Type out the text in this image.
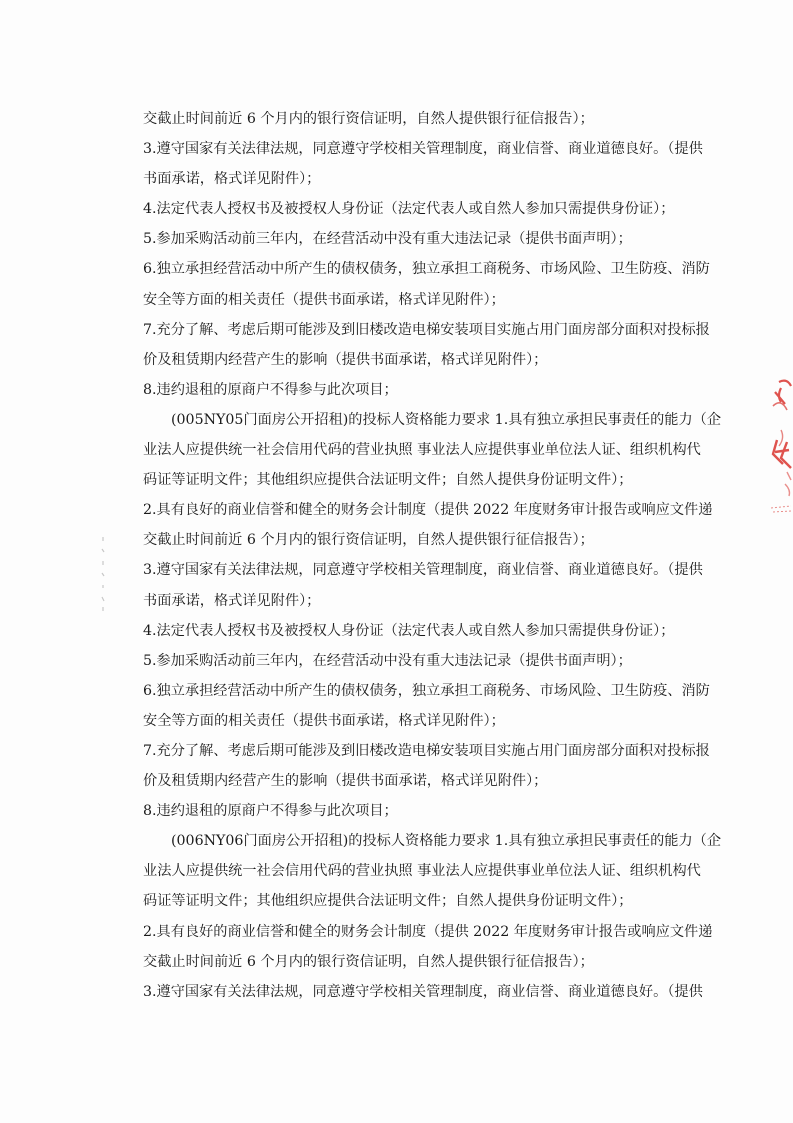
交截止时间前近 6 个月内的银行资信证明，自然人提供银行征信报告）；
3.遵守国家有关法律法规，同意遵守学校相关管理制度，商业信誉、商业道德良好。（提供
书面承诺，格式详见附件）；
4.法定代表人授权书及被授权人身份证（法定代表人或自然人参加只需提供身份证）；
5.参加采购活动前三年内，在经营活动中没有重大违法记录（提供书面声明）；
6.独立承担经营活动中所产生的债权债务，独立承担工商税务、市场风险、卫生防疫、消防
安全等方面的相关责任（提供书面承诺，格式详见附件）；
7.充分了解、考虑后期可能涉及到旧楼改造电梯安装项目实施占用门面房部分面积对投标报
价及租赁期内经营产生的影响（提供书面承诺，格式详见附件）；
8.违约退租的原商户不得参与此次项目；
(005NY05门面房公开招租)的投标人资格能力要求 1.具有独立承担民事责任的能力（企
业法人应提供统一社会信用代码的营业执照 事业法人应提供事业单位法人证、组织机构代
码证等证明文件；其他组织应提供合法证明文件；自然人提供身份证明文件）；
2.具有良好的商业信誉和健全的财务会计制度（提供 2022 年度财务审计报告或响应文件递
交截止时间前近 6 个月内的银行资信证明，自然人提供银行征信报告）；
3.遵守国家有关法律法规，同意遵守学校相关管理制度，商业信誉、商业道德良好。（提供
书面承诺，格式详见附件）；
4.法定代表人授权书及被授权人身份证（法定代表人或自然人参加只需提供身份证）；
5.参加采购活动前三年内，在经营活动中没有重大违法记录（提供书面声明）；
6.独立承担经营活动中所产生的债权债务，独立承担工商税务、市场风险、卫生防疫、消防
安全等方面的相关责任（提供书面承诺，格式详见附件）；
7.充分了解、考虑后期可能涉及到旧楼改造电梯安装项目实施占用门面房部分面积对投标报
价及租赁期内经营产生的影响（提供书面承诺，格式详见附件）；
8.违约退租的原商户不得参与此次项目；
(006NY06门面房公开招租)的投标人资格能力要求 1.具有独立承担民事责任的能力（企
业法人应提供统一社会信用代码的营业执照 事业法人应提供事业单位法人证、组织机构代
码证等证明文件；其他组织应提供合法证明文件；自然人提供身份证明文件）；
2.具有良好的商业信誉和健全的财务会计制度（提供 2022 年度财务审计报告或响应文件递
交截止时间前近 6 个月内的银行资信证明，自然人提供银行征信报告）；
3.遵守国家有关法律法规，同意遵守学校相关管理制度，商业信誉、商业道德良好。（提供
